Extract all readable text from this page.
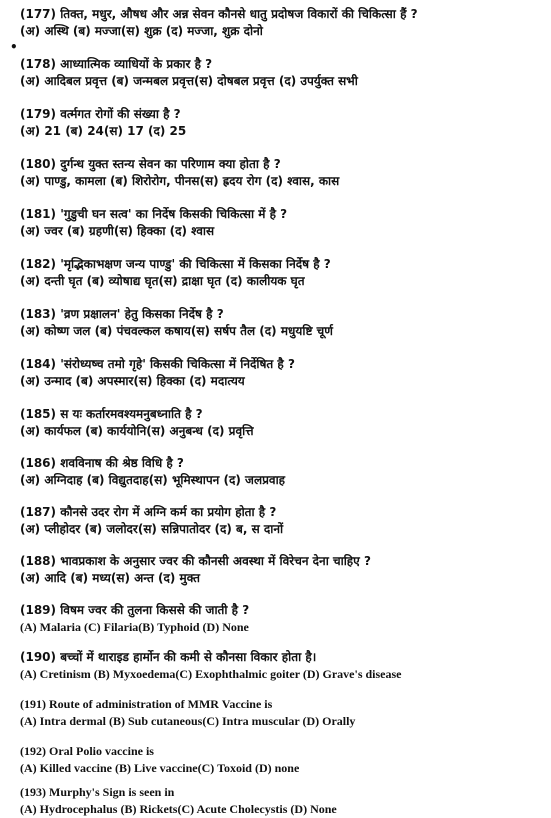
•
(177) तिक्त, मधुर, औषध और अन्न सेवन कौनसे धातु प्रदोषज विकारों की चिकित्सा हैं ?
(अ) अस्थि (ब) मज्जा(स) शुक्र (द) मज्जा, शुक्र दोनो
(178) आध्यात्मिक व्याधियों के प्रकार है ?
(अ) आदिबल प्रवृत्त (ब) जन्मबल प्रवृत्त(स) दोषबल प्रवृत्त (द) उपर्युक्त सभी
(179) वर्त्मगत रोगों की संख्या है ?
(अ) 21 (ब) 24(स) 17 (द) 25
(180) दुर्गन्ध युक्त स्तन्य सेवन का परिणाम क्या होता है ?
(अ) पाण्डु, कामला (ब) शिरोरोग, पीनस(स) ह्रदय रोग (द) श्वास, कास
(181) 'गुडुची घन सत्व' का निर्देष किसकी चिकित्सा में है ?
(अ) ज्वर (ब) ग्रहणी(स) हिक्का (द) श्वास
(182) 'मृद्भिकाभक्षण जन्य पाण्डु' की चिकित्सा में किसका निर्देष है ?
(अ) दन्ती घृत (ब) व्योषाद्य घृत(स) द्राक्षा घृत (द) कालीयक घृत
(183) 'व्रण प्रक्षालन' हेतु किसका निर्देष है ?
(अ) कोष्ण जल (ब) पंचवल्कल कषाय(स) सर्षप तैल (द) मधुयष्टि चूर्ण
(184) 'संरोध्यष्च तमो गृहे' किसकी चिकित्सा में निर्देषित है ?
(अ) उन्माद (ब) अपस्मार(स) हिक्का (द) मदात्यय
(185) स यः कर्तारमवश्यमनुबध्नाति है ?
(अ) कार्यफल (ब) कार्ययोनि(स) अनुबन्ध (द) प्रवृत्ति
(186) शवविनाष की श्रेष्ठ विधि है ?
(अ) अग्निदाह (ब) विद्युतदाह(स) भूमिस्थापन (द) जलप्रवाह
(187) कौनसे उदर रोग में अग्नि कर्म का प्रयोग होता है ?
(अ) प्लीहोदर (ब) जलोदर(स) सन्निपातोदर (द) ब, स दानों
(188) भावप्रकाश के अनुसार ज्वर की कौनसी अवस्था में विरेचन देना चाहिए ?
(अ) आदि (ब) मध्य(स) अन्त (द) मुक्त
(189) विषम ज्वर की तुलना किससे की जाती है ?
(A) Malaria (C) Filaria(B) Typhoid (D) None
(190) बच्चों में थाराइड हार्मोन की कमी से कौनसा विकार होता है।
(A) Cretinism (B) Myxoedema(C) Exophthalmic goiter (D) Grave's disease
(191) Route of administration of MMR Vaccine is
(A) Intra dermal (B) Sub cutaneous(C) Intra muscular (D) Orally
(192) Oral Polio vaccine is
(A) Killed vaccine (B) Live vaccine(C) Toxoid (D) none
(193) Murphy's Sign is seen in
(A) Hydrocephalus (B) Rickets(C) Acute Cholecystis (D) None
